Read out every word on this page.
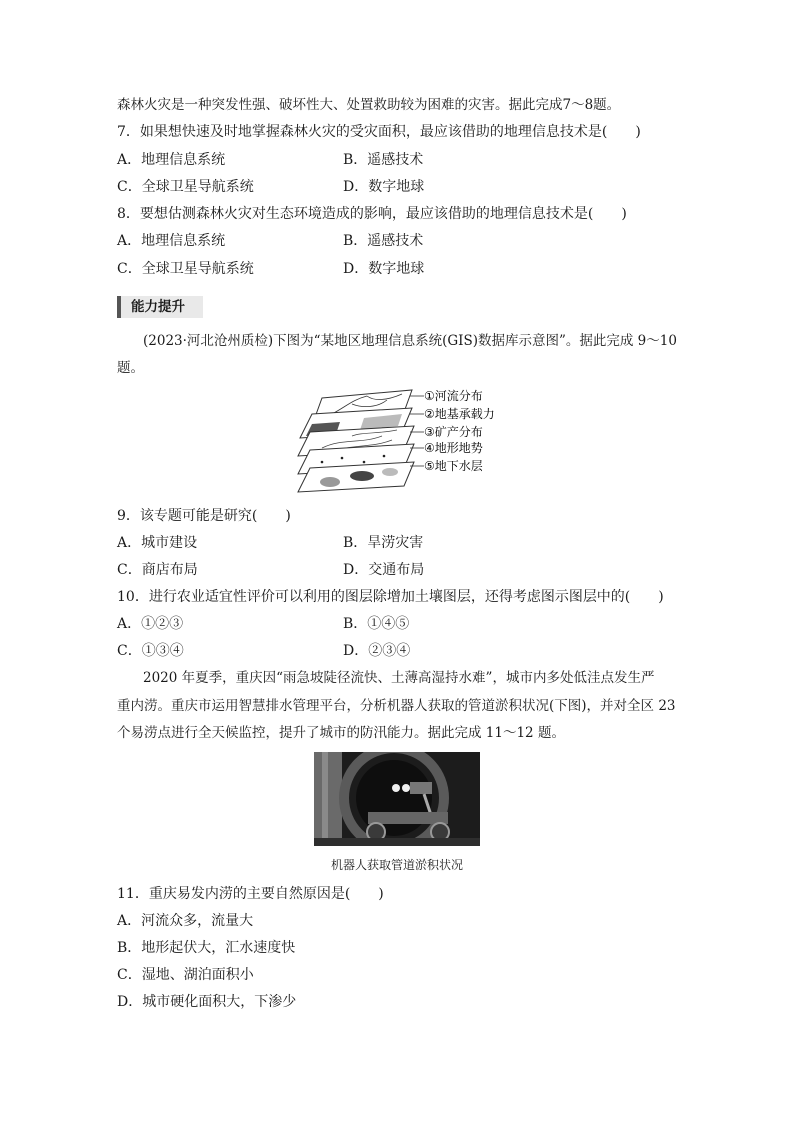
森林火灾是一种突发性强、破坏性大、处置救助较为困难的灾害。据此完成7～8题。
7．如果想快速及时地掌握森林火灾的受灾面积，最应该借助的地理信息技术是(　　)
A．地理信息系统	B．遥感技术
C．全球卫星导航系统	D．数字地球
8．要想估测森林火灾对生态环境造成的影响，最应该借助的地理信息技术是(　　)
A．地理信息系统	B．遥感技术
C．全球卫星导航系统	D．数字地球
能力提升
(2023·河北沧州质检)下图为“某地区地理信息系统(GIS)数据库示意图”。据此完成 9～10
题。
①河流分布
②地基承载力
③矿产分布
④地形地势
⑤地下水层
9．该专题可能是研究(　　)
A．城市建设	B．旱涝灾害
C．商店布局	D．交通布局
10．进行农业适宜性评价可以利用的图层除增加土壤图层，还得考虑图示图层中的(　　)
A．①②③	B．①④⑤
C．①③④	D．②③④
2020 年夏季，重庆因“雨急坡陡径流快、土薄高湿持水难”，城市内多处低洼点发生严
重内涝。重庆市运用智慧排水管理平台，分析机器人获取的管道淤积状况(下图)，并对全区 23
个易涝点进行全天候监控，提升了城市的防汛能力。据此完成 11～12 题。
机器人获取管道淤积状况
11．重庆易发内涝的主要自然原因是(　　)
A．河流众多，流量大
B．地形起伏大，汇水速度快
C．湿地、湖泊面积小
D．城市硬化面积大，下渗少
